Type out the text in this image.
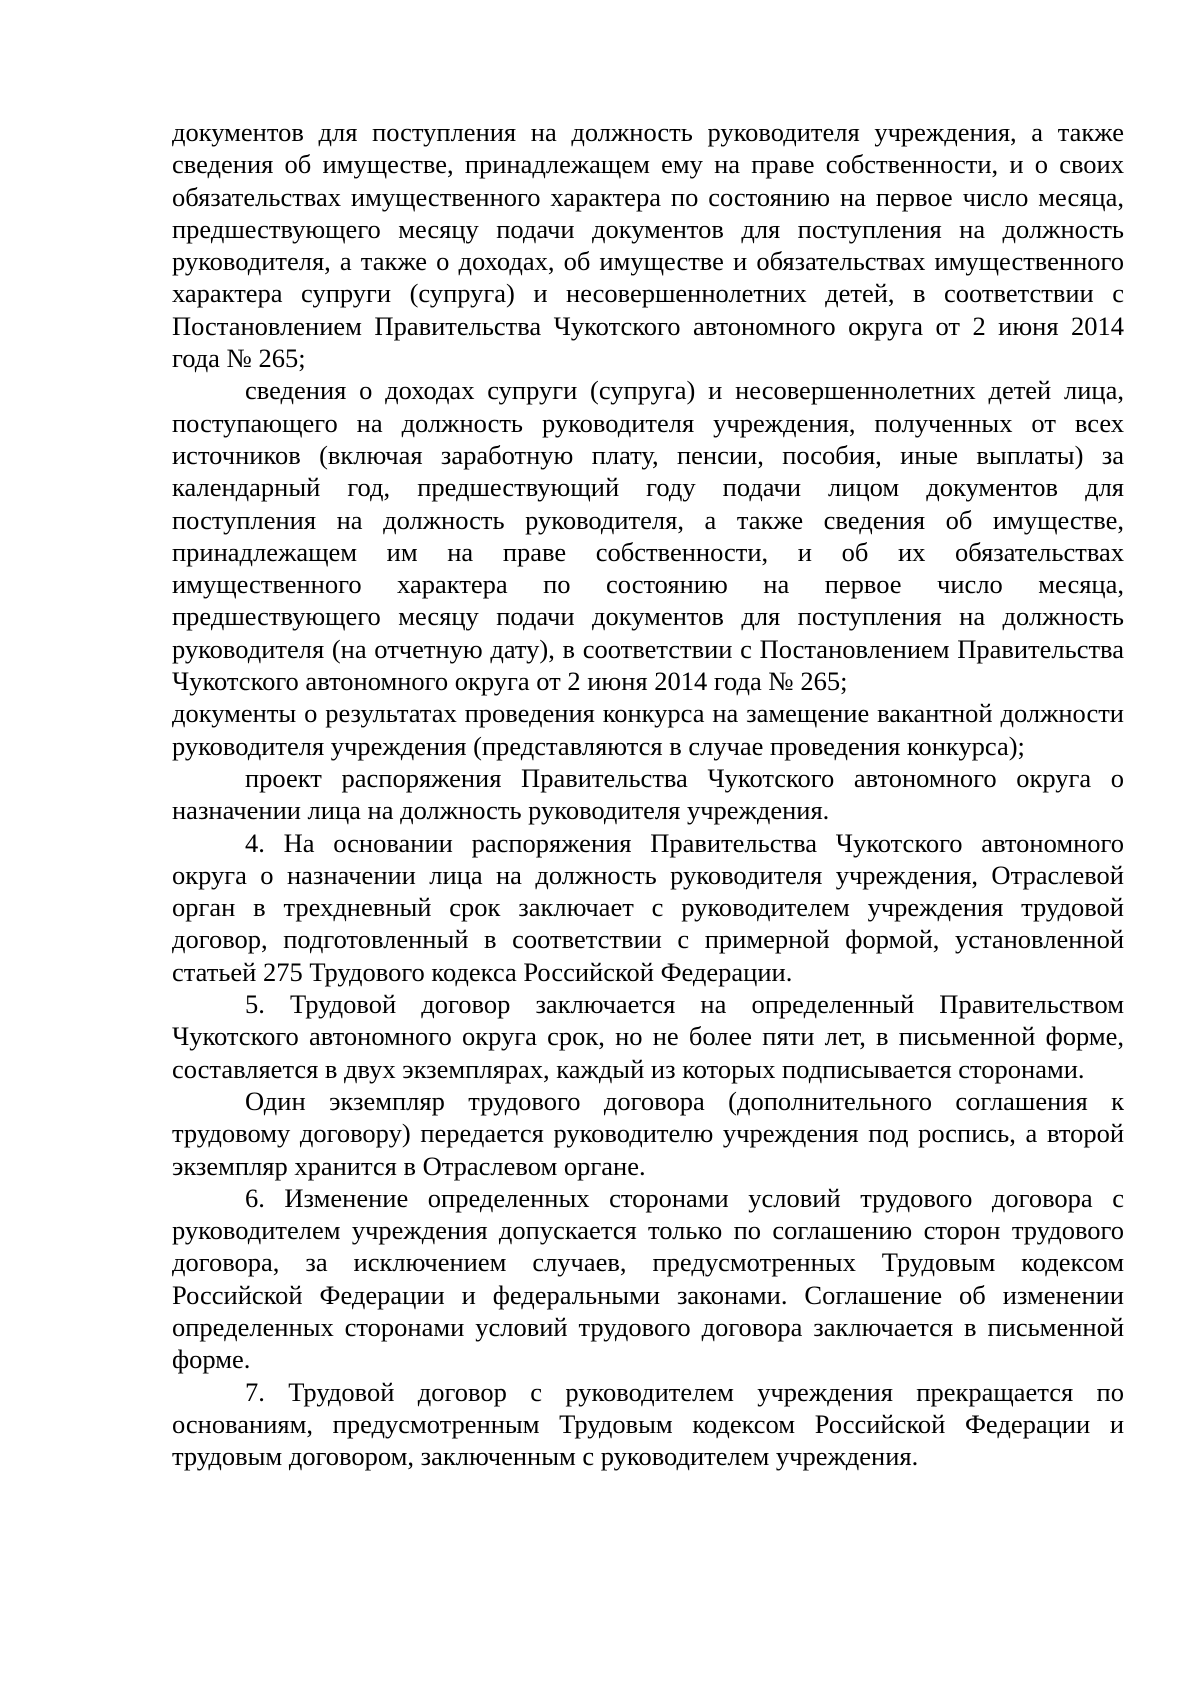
документов для поступления на должность руководителя учреждения, а также сведения об имуществе, принадлежащем ему на праве собственности, и о своих обязательствах имущественного характера по состоянию на первое число месяца, предшествующего месяцу подачи документов для поступления на должность руководителя, а также о доходах, об имуществе и обязательствах имущественного характера супруги (супруга) и несовершеннолетних детей, в соответствии с Постановлением Правительства Чукотского автономного округа от 2 июня 2014 года № 265;

сведения о доходах супруги (супруга) и несовершеннолетних детей лица, поступающего на должность руководителя учреждения, полученных от всех источников (включая заработную плату, пенсии, пособия, иные выплаты) за календарный год, предшествующий году подачи лицом документов для поступления на должность руководителя, а также сведения об имуществе, принадлежащем им на праве собственности, и об их обязательствах имущественного характера по состоянию на первое число месяца, предшествующего месяцу подачи документов для поступления на должность руководителя (на отчетную дату), в соответствии с Постановлением Правительства Чукотского автономного округа от 2 июня 2014 года № 265;

документы о результатах проведения конкурса на замещение вакантной должности руководителя учреждения (представляются в случае проведения конкурса);

проект распоряжения Правительства Чукотского автономного округа о назначении лица на должность руководителя учреждения.

4. На основании распоряжения Правительства Чукотского автономного округа о назначении лица на должность руководителя учреждения, Отраслевой орган в трехдневный срок заключает с руководителем учреждения трудовой договор, подготовленный в соответствии с примерной формой, установленной статьей 275 Трудового кодекса Российской Федерации.

5. Трудовой договор заключается на определенный Правительством Чукотского автономного округа срок, но не более пяти лет, в письменной форме, составляется в двух экземплярах, каждый из которых подписывается сторонами.

Один экземпляр трудового договора (дополнительного соглашения к трудовому договору) передается руководителю учреждения под роспись, а второй экземпляр хранится в Отраслевом органе.

6. Изменение определенных сторонами условий трудового договора с руководителем учреждения допускается только по соглашению сторон трудового договора, за исключением случаев, предусмотренных Трудовым кодексом Российской Федерации и федеральными законами. Соглашение об изменении определенных сторонами условий трудового договора заключается в письменной форме.

7. Трудовой договор с руководителем учреждения прекращается по основаниям, предусмотренным Трудовым кодексом Российской Федерации и трудовым договором, заключенным с руководителем учреждения.
